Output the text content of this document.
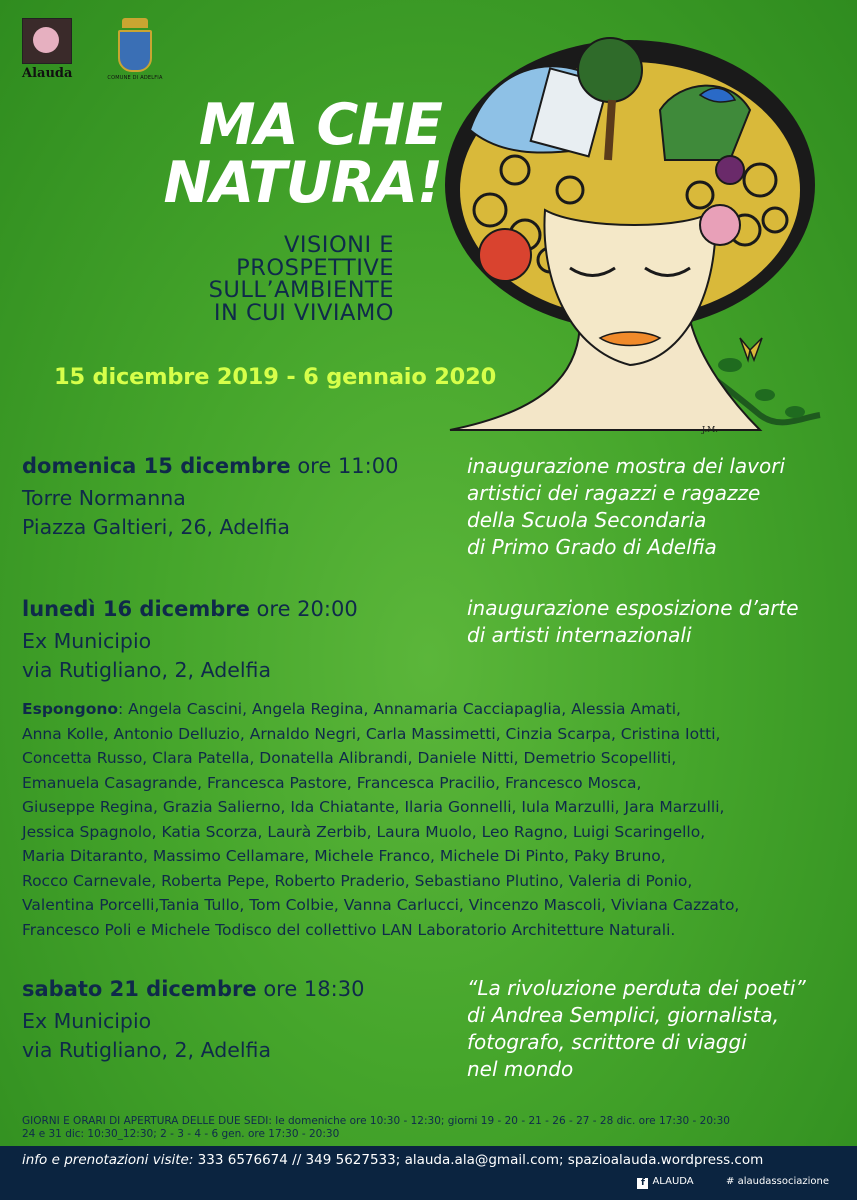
Alauda	COMUNE DI ADELFIA
J.M.
MA CHE
NATURA!
VISIONI E
PROSPETTIVE
SULL’AMBIENTE
IN CUI VIVIAMO
15 dicembre 2019 - 6 gennaio 2020
domenica 15 dicembre ore 11:00
Torre Normanna
Piazza Galtieri, 26, Adelfia
inaugurazione mostra dei lavori
artistici dei ragazzi e ragazze
della Scuola Secondaria
di Primo Grado di Adelfia
lunedì 16 dicembre ore 20:00
Ex Municipio
via Rutigliano, 2, Adelfia
inaugurazione esposizione d’arte
di artisti internazionali
Espongono: Angela Cascini, Angela Regina, Annamaria Cacciapaglia, Alessia Amati,
Anna Kolle, Antonio Delluzio, Arnaldo Negri, Carla Massimetti, Cinzia Scarpa, Cristina Iotti,
Concetta Russo, Clara Patella, Donatella Alibrandi, Daniele Nitti, Demetrio Scopelliti,
Emanuela Casagrande, Francesca Pastore, Francesca Pracilio, Francesco Mosca,
Giuseppe Regina, Grazia Salierno, Ida Chiatante, Ilaria Gonnelli, Iula Marzulli, Jara Marzulli,
Jessica Spagnolo, Katia Scorza, Laurà Zerbib, Laura Muolo, Leo Ragno, Luigi Scaringello,
Maria Ditaranto, Massimo Cellamare, Michele Franco, Michele Di Pinto, Paky Bruno,
Rocco Carnevale, Roberta Pepe, Roberto Praderio, Sebastiano Plutino, Valeria di Ponio,
Valentina Porcelli,Tania Tullo, Tom Colbie, Vanna Carlucci, Vincenzo Mascoli, Viviana Cazzato,
Francesco Poli e Michele Todisco del collettivo LAN Laboratorio Architetture Naturali.
sabato 21 dicembre ore 18:30
Ex Municipio
via Rutigliano, 2, Adelfia
“La rivoluzione perduta dei poeti”
di Andrea Semplici, giornalista,
fotografo, scrittore di viaggi
nel mondo
GIORNI E ORARI DI APERTURA DELLE DUE SEDI: le domeniche ore 10:30 - 12:30; giorni 19 - 20 - 21 - 26 - 27 - 28 dic. ore 17:30 - 20:30
24 e 31 dic: 10:30_12:30; 2 - 3 - 4 - 6 gen. ore 17:30 - 20:30
info e prenotazioni visite: 333 6576674 // 349 5627533; alauda.ala@gmail.com; spazioalauda.wordpress.com
f ALAUDA	# alaudassociazione
